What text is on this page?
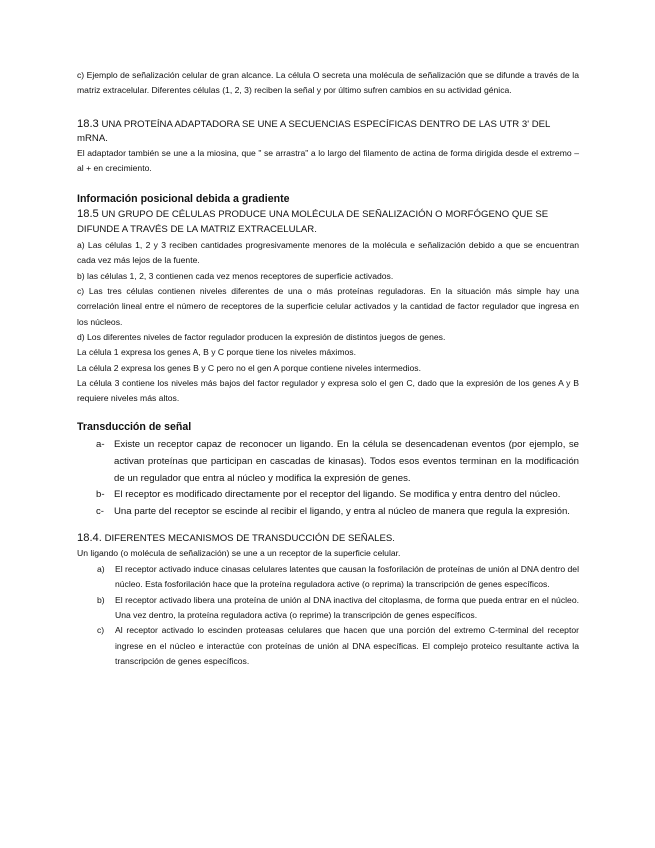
c) Ejemplo de señalización celular de gran alcance. La célula O secreta una molécula de señalización que se difunde a través de la matriz extracelular. Diferentes células (1, 2, 3) reciben la señal y por último sufren cambios en su actividad génica.

18.3 UNA PROTEÍNA ADAPTADORA SE UNE A SECUENCIAS ESPECÍFICAS DENTRO DE LAS UTR 3' DEL mRNA.

El adaptador también se une a la miosina, que " se arrastra" a lo largo del filamento de actina de forma dirigida desde el extremo – al + en crecimiento.

Información posicional debida a gradiente

18.5 UN GRUPO DE CÉLULAS PRODUCE UNA MOLÉCULA DE SEÑALIZACIÓN O MORFÓGENO QUE SE DIFUNDE A TRAVÉS DE LA MATRIZ EXTRACELULAR.

a) Las células 1, 2 y 3 reciben cantidades progresivamente menores de la molécula e señalización debido a que se encuentran cada vez más lejos de la fuente.

b) las células 1, 2, 3 contienen cada vez menos receptores de superficie activados.

c) Las tres células contienen niveles diferentes de una o más proteínas reguladoras. En la situación más simple hay una correlación lineal entre el número de receptores de la superficie celular activados y la cantidad de factor regulador que ingresa en los núcleos.

d) Los diferentes niveles de factor regulador producen la expresión de distintos juegos de genes.

La célula 1 expresa los genes A, B y C porque tiene los niveles máximos.

La célula 2 expresa los genes B y C pero no el gen A porque contiene niveles intermedios.

La célula 3 contiene los niveles más bajos del factor regulador y expresa solo el gen C, dado que la expresión de los genes A y B requiere niveles más altos.

Transducción de señal

a- Existe un receptor capaz de reconocer un ligando. En la célula se desencadenan eventos (por ejemplo, se activan proteínas que participan en cascadas de kinasas). Todos esos eventos terminan en la modificación de un regulador que entra al núcleo y modifica la expresión de genes.
b- El receptor es modificado directamente por el receptor del ligando. Se modifica y entra dentro del núcleo.
c-	Una parte del receptor se escinde al recibir el ligando, y entra al núcleo de manera que regula la expresión.

18.4. DIFERENTES MECANISMOS DE TRANSDUCCIÓN DE SEÑALES.

Un ligando (o molécula de señalización) se une a un receptor de la superficie celular.

a)	El receptor activado induce cinasas celulares latentes que causan la fosforilación de proteínas de unión al DNA dentro del núcleo. Esta fosforilación hace que la proteína reguladora active (o reprima) la transcripción de genes específicos.
b)	El receptor activado libera una proteína de unión al DNA inactiva del citoplasma, de forma que pueda entrar en el núcleo. Una vez dentro, la proteína reguladora activa (o reprime) la transcripción de genes específicos.
c)	Al receptor activado lo escinden proteasas celulares que hacen que una porción del extremo C-terminal del receptor ingrese en el núcleo e interactúe con proteínas de unión al DNA específicas. El complejo proteico resultante activa la transcripción de genes específicos.
